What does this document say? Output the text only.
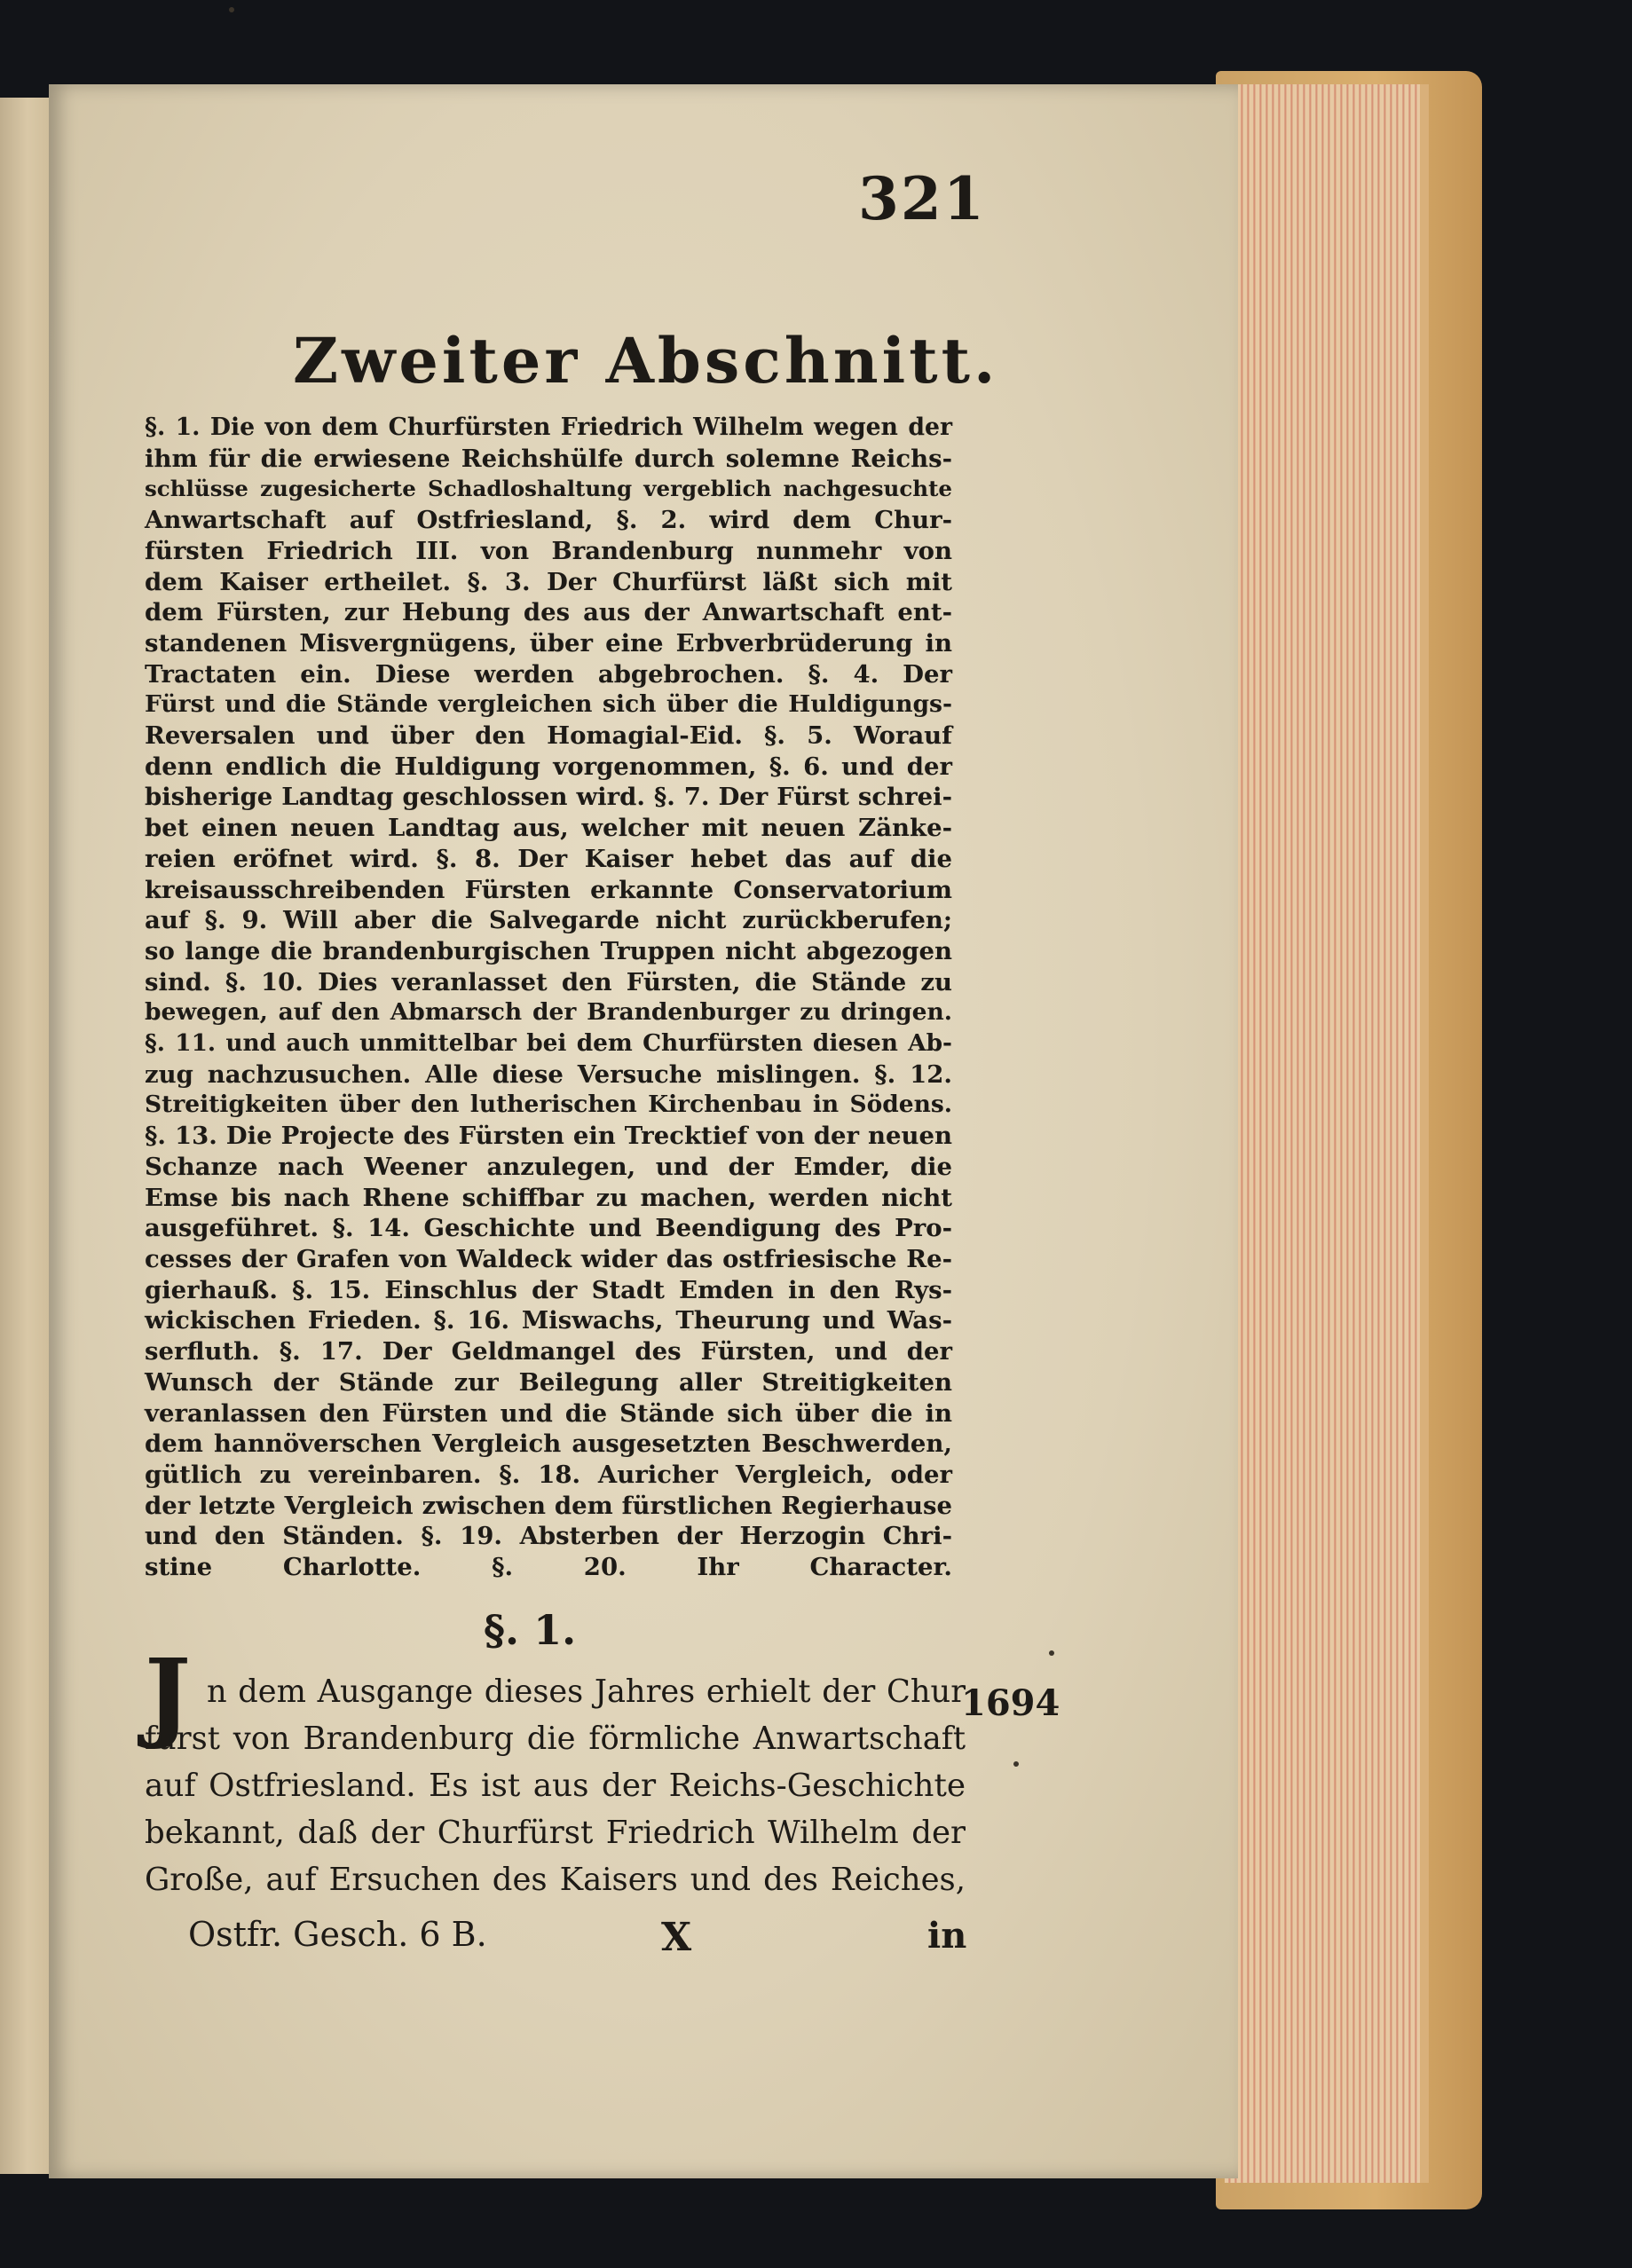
321
Zweiter Abschnitt.
§. 1. Die von dem Churfürsten Friedrich Wilhelm wegen der
ihm für die erwiesene Reichshülfe durch solemne Reichs-
schlüsse zugesicherte Schadloshaltung vergeblich nachgesuchte
Anwartschaft auf Ostfriesland, §. 2. wird dem Chur-
fürsten Friedrich III. von Brandenburg nunmehr von
dem Kaiser ertheilet. §. 3. Der Churfürst läßt sich mit
dem Fürsten, zur Hebung des aus der Anwartschaft ent-
standenen Misvergnügens, über eine Erbverbrüderung in
Tractaten ein. Diese werden abgebrochen. §. 4. Der
Fürst und die Stände vergleichen sich über die Huldigungs-
Reversalen und über den Homagial-Eid. §. 5. Worauf
denn endlich die Huldigung vorgenommen, §. 6. und der
bisherige Landtag geschlossen wird. §. 7. Der Fürst schrei-
bet einen neuen Landtag aus, welcher mit neuen Zänke-
reien eröfnet wird. §. 8. Der Kaiser hebet das auf die
kreisausschreibenden Fürsten erkannte Conservatorium
auf §. 9. Will aber die Salvegarde nicht zurückberufen;
so lange die brandenburgischen Truppen nicht abgezogen
sind. §. 10. Dies veranlasset den Fürsten, die Stände zu
bewegen, auf den Abmarsch der Brandenburger zu dringen.
§. 11. und auch unmittelbar bei dem Churfürsten diesen Ab-
zug nachzusuchen. Alle diese Versuche mislingen. §. 12.
Streitigkeiten über den lutherischen Kirchenbau in Södens.
§. 13. Die Projecte des Fürsten ein Trecktief von der neuen
Schanze nach Weener anzulegen, und der Emder, die
Emse bis nach Rhene schiffbar zu machen, werden nicht
ausgeführet. §. 14. Geschichte und Beendigung des Pro-
cesses der Grafen von Waldeck wider das ostfriesische Re-
gierhauß. §. 15. Einschlus der Stadt Emden in den Rys-
wickischen Frieden. §. 16. Miswachs, Theurung und Was-
serfluth. §. 17. Der Geldmangel des Fürsten, und der
Wunsch der Stände zur Beilegung aller Streitigkeiten
veranlassen den Fürsten und die Stände sich über die in
dem hannöverschen Vergleich ausgesetzten Beschwerden,
gütlich zu vereinbaren. §. 18. Auricher Vergleich, oder
der letzte Vergleich zwischen dem fürstlichen Regierhause
und den Ständen. §. 19. Absterben der Herzogin Chri-
stine Charlotte. §. 20. Ihr Character.
§. 1.
J n dem Ausgange dieses Jahres erhielt der Chur
fürst von Brandenburg die förmliche Anwartschaft
auf Ostfriesland. Es ist aus der Reichs-Geschichte
bekannt, daß der Churfürst Friedrich Wilhelm der
Große, auf Ersuchen des Kaisers und des Reiches,
1694
Ostfr. Gesch. 6 B.	X	in
